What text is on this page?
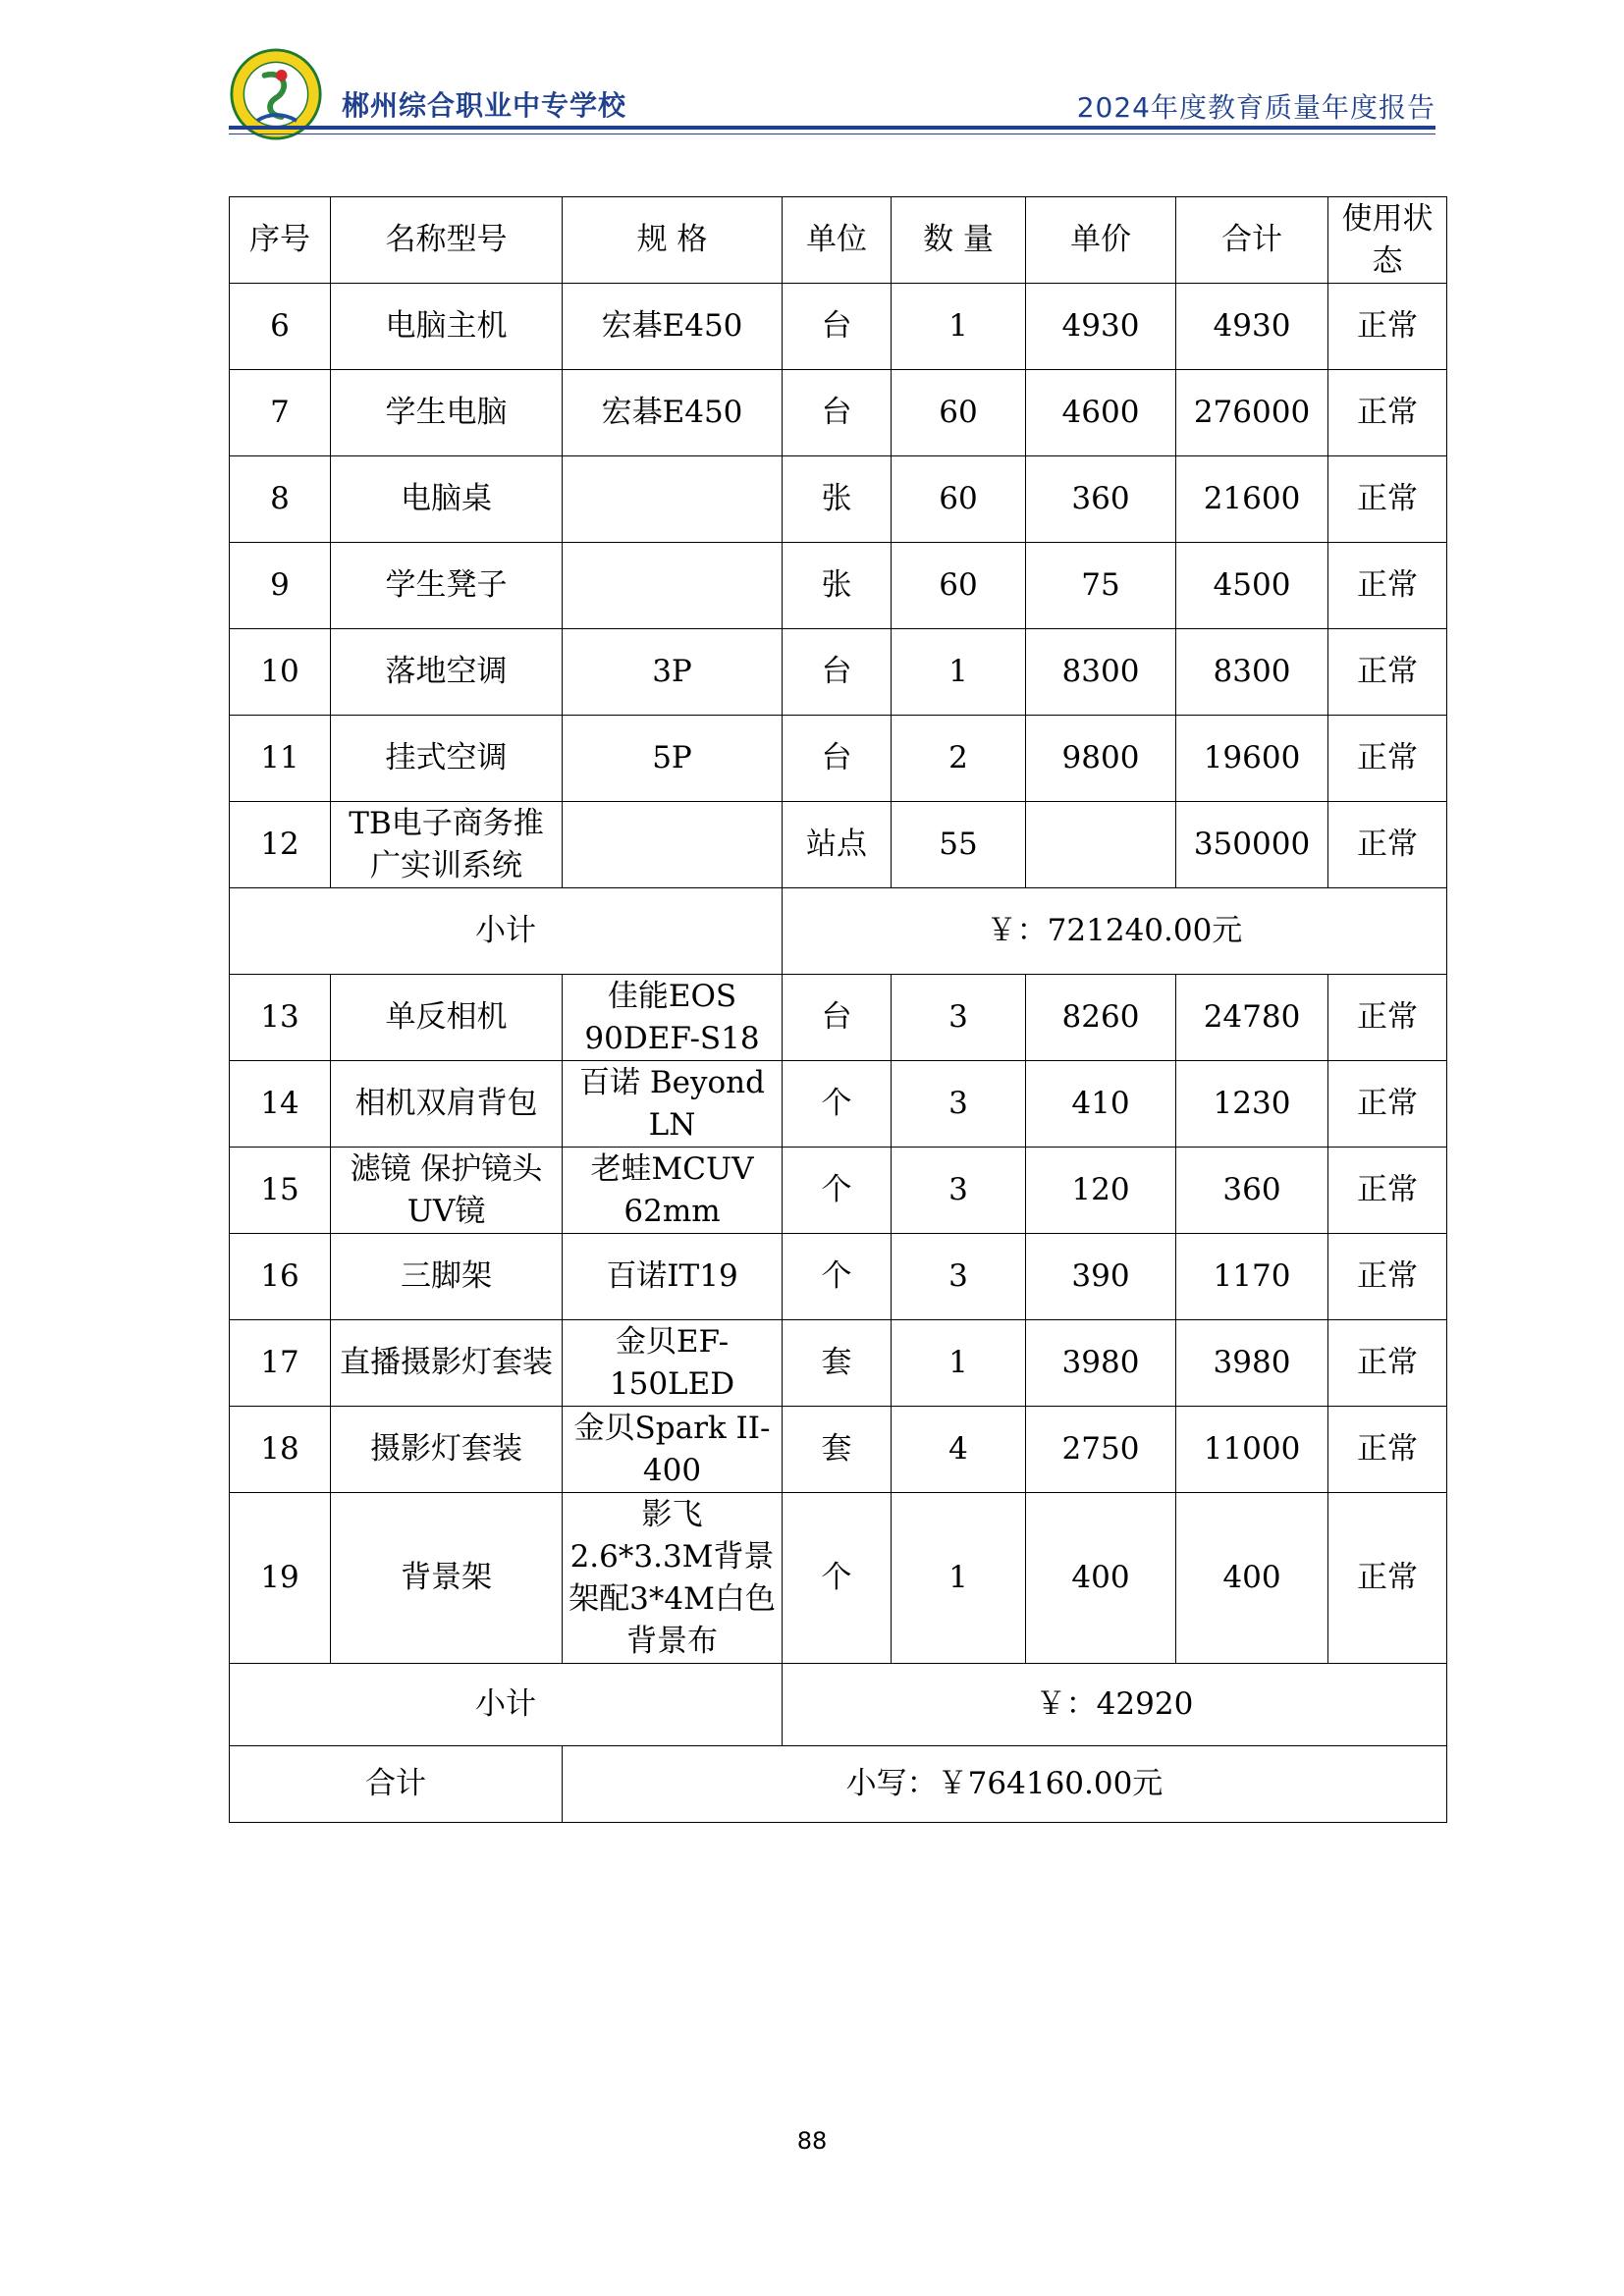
郴州综合职业中专学校	2024年度教育质量年度报告
序号	名称型号	规 格	单位	数 量	单价	合计	使用状态
6	电脑主机	宏碁E450	台	1	4930	4930	正常
7	学生电脑	宏碁E450	台	60	4600	276000	正常
8	电脑桌		张	60	360	21600	正常
9	学生凳子		张	60	75	4500	正常
10	落地空调	3P	台	1	8300	8300	正常
11	挂式空调	5P	台	2	9800	19600	正常
12	TB电子商务推广实训系统		站点	55		350000	正常
小计			￥：721240.00元				
13	单反相机	佳能EOS 90DEF-S18	台	3	8260	24780	正常
14	相机双肩背包	百诺 Beyond LN	个	3	410	1230	正常
15	滤镜 保护镜头UV镜	老蛙MCUV 62mm	个	3	120	360	正常
16	三脚架	百诺IT19	个	3	390	1170	正常
17	直播摄影灯套装	金贝EF-150LED	套	1	3980	3980	正常
18	摄影灯套装	金贝Spark II-400	套	4	2750	11000	正常
19	背景架	影飞 2.6*3.3M背景架配3*4M白色背景布	个	1	400	400	正常
小计			￥：42920				
合计		小写：￥764160.00元					
88
